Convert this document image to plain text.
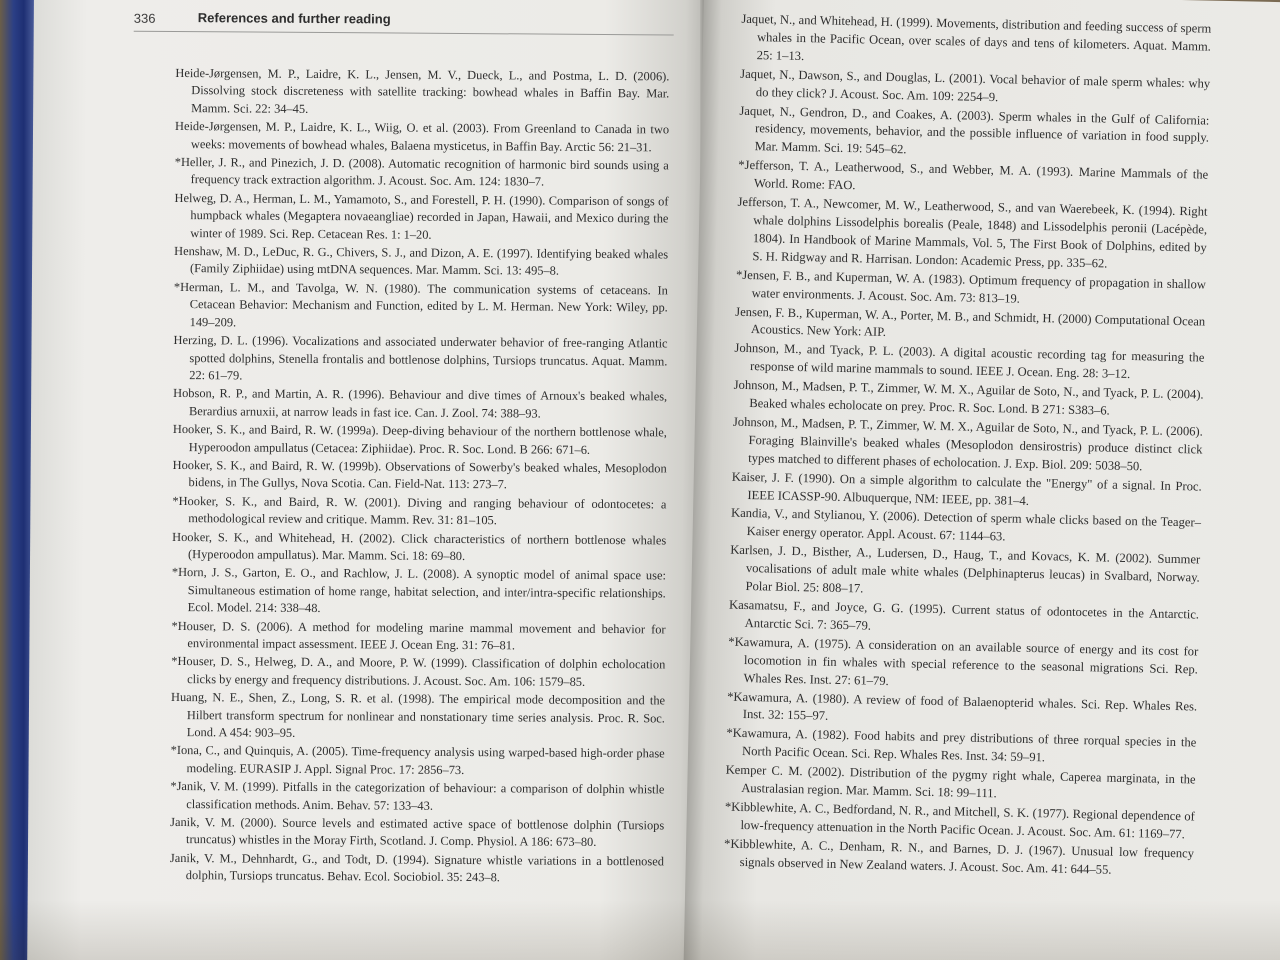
336	References and further reading
Heide-Jørgensen, M. P., Laidre, K. L., Jensen, M. V., Dueck, L., and Postma, L. D. (2006). Dissolving stock discreteness with satellite tracking: bowhead whales in Baffin Bay. Mar. Mamm. Sci. 22: 34–45.
Heide-Jørgensen, M. P., Laidre, K. L., Wiig, O. et al. (2003). From Greenland to Canada in two weeks: movements of bowhead whales, Balaena mysticetus, in Baffin Bay. Arctic 56: 21–31.
*Heller, J. R., and Pinezich, J. D. (2008). Automatic recognition of harmonic bird sounds using a frequency track extraction algorithm. J. Acoust. Soc. Am. 124: 1830–7.
Helweg, D. A., Herman, L. M., Yamamoto, S., and Forestell, P. H. (1990). Comparison of songs of humpback whales (Megaptera novaeangliae) recorded in Japan, Hawaii, and Mexico during the winter of 1989. Sci. Rep. Cetacean Res. 1: 1–20.
Henshaw, M. D., LeDuc, R. G., Chivers, S. J., and Dizon, A. E. (1997). Identifying beaked whales (Family Ziphiidae) using mtDNA sequences. Mar. Mamm. Sci. 13: 495–8.
*Herman, L. M., and Tavolga, W. N. (1980). The communication systems of cetaceans. In Cetacean Behavior: Mechanism and Function, edited by L. M. Herman. New York: Wiley, pp. 149–209.
Herzing, D. L. (1996). Vocalizations and associated underwater behavior of free-ranging Atlantic spotted dolphins, Stenella frontalis and bottlenose dolphins, Tursiops truncatus. Aquat. Mamm. 22: 61–79.
Hobson, R. P., and Martin, A. R. (1996). Behaviour and dive times of Arnoux's beaked whales, Berardius arnuxii, at narrow leads in fast ice. Can. J. Zool. 74: 388–93.
Hooker, S. K., and Baird, R. W. (1999a). Deep-diving behaviour of the northern bottlenose whale, Hyperoodon ampullatus (Cetacea: Ziphiidae). Proc. R. Soc. Lond. B 266: 671–6.
Hooker, S. K., and Baird, R. W. (1999b). Observations of Sowerby's beaked whales, Mesoplodon bidens, in The Gullys, Nova Scotia. Can. Field-Nat. 113: 273–7.
*Hooker, S. K., and Baird, R. W. (2001). Diving and ranging behaviour of odontocetes: a methodological review and critique. Mamm. Rev. 31: 81–105.
Hooker, S. K., and Whitehead, H. (2002). Click characteristics of northern bottlenose whales (Hyperoodon ampullatus). Mar. Mamm. Sci. 18: 69–80.
*Horn, J. S., Garton, E. O., and Rachlow, J. L. (2008). A synoptic model of animal space use: Simultaneous estimation of home range, habitat selection, and inter/intra-specific relationships. Ecol. Model. 214: 338–48.
*Houser, D. S. (2006). A method for modeling marine mammal movement and behavior for environmental impact assessment. IEEE J. Ocean Eng. 31: 76–81.
*Houser, D. S., Helweg, D. A., and Moore, P. W. (1999). Classification of dolphin echolocation clicks by energy and frequency distributions. J. Acoust. Soc. Am. 106: 1579–85.
Huang, N. E., Shen, Z., Long, S. R. et al. (1998). The empirical mode decomposition and the Hilbert transform spectrum for nonlinear and nonstationary time series analysis. Proc. R. Soc. Lond. A 454: 903–95.
*Iona, C., and Quinquis, A. (2005). Time-frequency analysis using warped-based high-order phase modeling. EURASIP J. Appl. Signal Proc. 17: 2856–73.
*Janik, V. M. (1999). Pitfalls in the categorization of behaviour: a comparison of dolphin whistle classification methods. Anim. Behav. 57: 133–43.
Janik, V. M. (2000). Source levels and estimated active space of bottlenose dolphin (Tursiops truncatus) whistles in the Moray Firth, Scotland. J. Comp. Physiol. A 186: 673–80.
Janik, V. M., Dehnhardt, G., and Todt, D. (1994). Signature whistle variations in a bottlenosed dolphin, Tursiops truncatus. Behav. Ecol. Sociobiol. 35: 243–8.
Jaquet, N., and Whitehead, H. (1999). Movements, distribution and feeding success of sperm whales in the Pacific Ocean, over scales of days and tens of kilometers. Aquat. Mamm. 25: 1–13.
Jaquet, N., Dawson, S., and Douglas, L. (2001). Vocal behavior of male sperm whales: why do they click? J. Acoust. Soc. Am. 109: 2254–9.
Jaquet, N., Gendron, D., and Coakes, A. (2003). Sperm whales in the Gulf of California: residency, movements, behavior, and the possible influence of variation in food supply. Mar. Mamm. Sci. 19: 545–62.
*Jefferson, T. A., Leatherwood, S., and Webber, M. A. (1993). Marine Mammals of the World. Rome: FAO.
Jefferson, T. A., Newcomer, M. W., Leatherwood, S., and van Waerebeek, K. (1994). Right whale dolphins Lissodelphis borealis (Peale, 1848) and Lissodelphis peronii (Lacépède, 1804). In Handbook of Marine Mammals, Vol. 5, The First Book of Dolphins, edited by S. H. Ridgway and R. Harrisan. London: Academic Press, pp. 335–62.
*Jensen, F. B., and Kuperman, W. A. (1983). Optimum frequency of propagation in shallow water environments. J. Acoust. Soc. Am. 73: 813–19.
Jensen, F. B., Kuperman, W. A., Porter, M. B., and Schmidt, H. (2000) Computational Ocean Acoustics. New York: AIP.
Johnson, M., and Tyack, P. L. (2003). A digital acoustic recording tag for measuring the response of wild marine mammals to sound. IEEE J. Ocean. Eng. 28: 3–12.
Johnson, M., Madsen, P. T., Zimmer, W. M. X., Aguilar de Soto, N., and Tyack, P. L. (2004). Beaked whales echolocate on prey. Proc. R. Soc. Lond. B 271: S383–6.
Johnson, M., Madsen, P. T., Zimmer, W. M. X., Aguilar de Soto, N., and Tyack, P. L. (2006). Foraging Blainville's beaked whales (Mesoplodon densirostris) produce distinct click types matched to different phases of echolocation. J. Exp. Biol. 209: 5038–50.
Kaiser, J. F. (1990). On a simple algorithm to calculate the "Energy" of a signal. In Proc. IEEE ICASSP-90. Albuquerque, NM: IEEE, pp. 381–4.
Kandia, V., and Stylianou, Y. (2006). Detection of sperm whale clicks based on the Teager–Kaiser energy operator. Appl. Acoust. 67: 1144–63.
Karlsen, J. D., Bisther, A., Ludersen, D., Haug, T., and Kovacs, K. M. (2002). Summer vocalisations of adult male white whales (Delphinapterus leucas) in Svalbard, Norway. Polar Biol. 25: 808–17.
Kasamatsu, F., and Joyce, G. G. (1995). Current status of odontocetes in the Antarctic. Antarctic Sci. 7: 365–79.
*Kawamura, A. (1975). A consideration on an available source of energy and its cost for locomotion in fin whales with special reference to the seasonal migrations Sci. Rep. Whales Res. Inst. 27: 61–79.
*Kawamura, A. (1980). A review of food of Balaenopterid whales. Sci. Rep. Whales Res. Inst. 32: 155–97.
*Kawamura, A. (1982). Food habits and prey distributions of three rorqual species in the North Pacific Ocean. Sci. Rep. Whales Res. Inst. 34: 59–91.
Kemper C. M. (2002). Distribution of the pygmy right whale, Caperea marginata, in the Australasian region. Mar. Mamm. Sci. 18: 99–111.
*Kibblewhite, A. C., Bedfordand, N. R., and Mitchell, S. K. (1977). Regional dependence of low-frequency attenuation in the North Pacific Ocean. J. Acoust. Soc. Am. 61: 1169–77.
*Kibblewhite, A. C., Denham, R. N., and Barnes, D. J. (1967). Unusual low frequency signals observed in New Zealand waters. J. Acoust. Soc. Am. 41: 644–55.
